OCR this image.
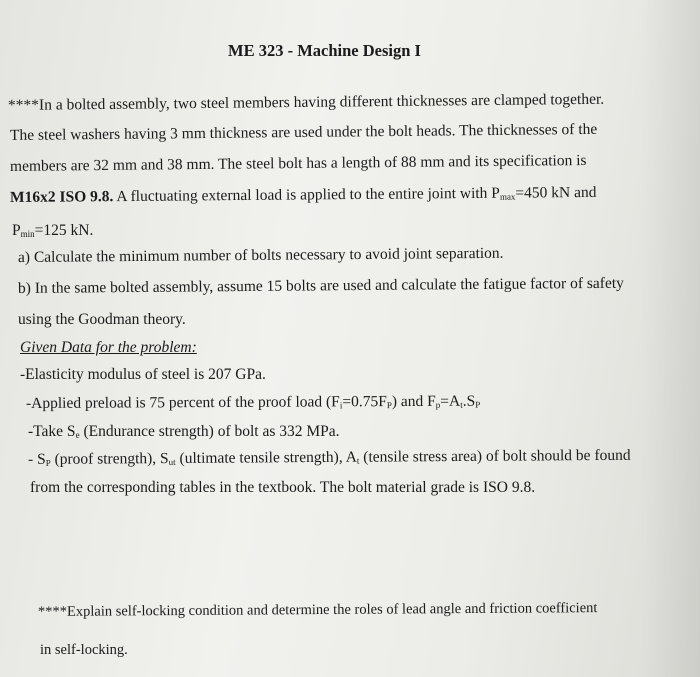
ME 323 - Machine Design I
****In a bolted assembly, two steel members having different thicknesses are clamped together.
The steel washers having 3 mm thickness are used under the bolt heads. The thicknesses of the
members are 32 mm and 38 mm. The steel bolt has a length of 88 mm and its specification is
M16x2 ISO 9.8. A fluctuating external load is applied to the entire joint with $P_{max}=450$ kN and
$P_{min}=125$ kN.
a) Calculate the minimum number of bolts necessary to avoid joint separation.
b) In the same bolted assembly, assume 15 bolts are used and calculate the fatigue factor of safety
using the Goodman theory.
Given Data for the problem:
-Elasticity modulus of steel is 207 GPa.
-Applied preload is 75 percent of the proof load $(F_i=0.75F_P)$ and $F_p=A_t.S_P$
-Take $S_e$ (Endurance strength) of bolt as 332 MPa.
- $S_P$ (proof strength), $S_{ut}$ (ultimate tensile strength), $A_t$ (tensile stress area) of bolt should be found
from the corresponding tables in the textbook. The bolt material grade is ISO 9.8.
****Explain self-locking condition and determine the roles of lead angle and friction coefficient
in self-locking.
